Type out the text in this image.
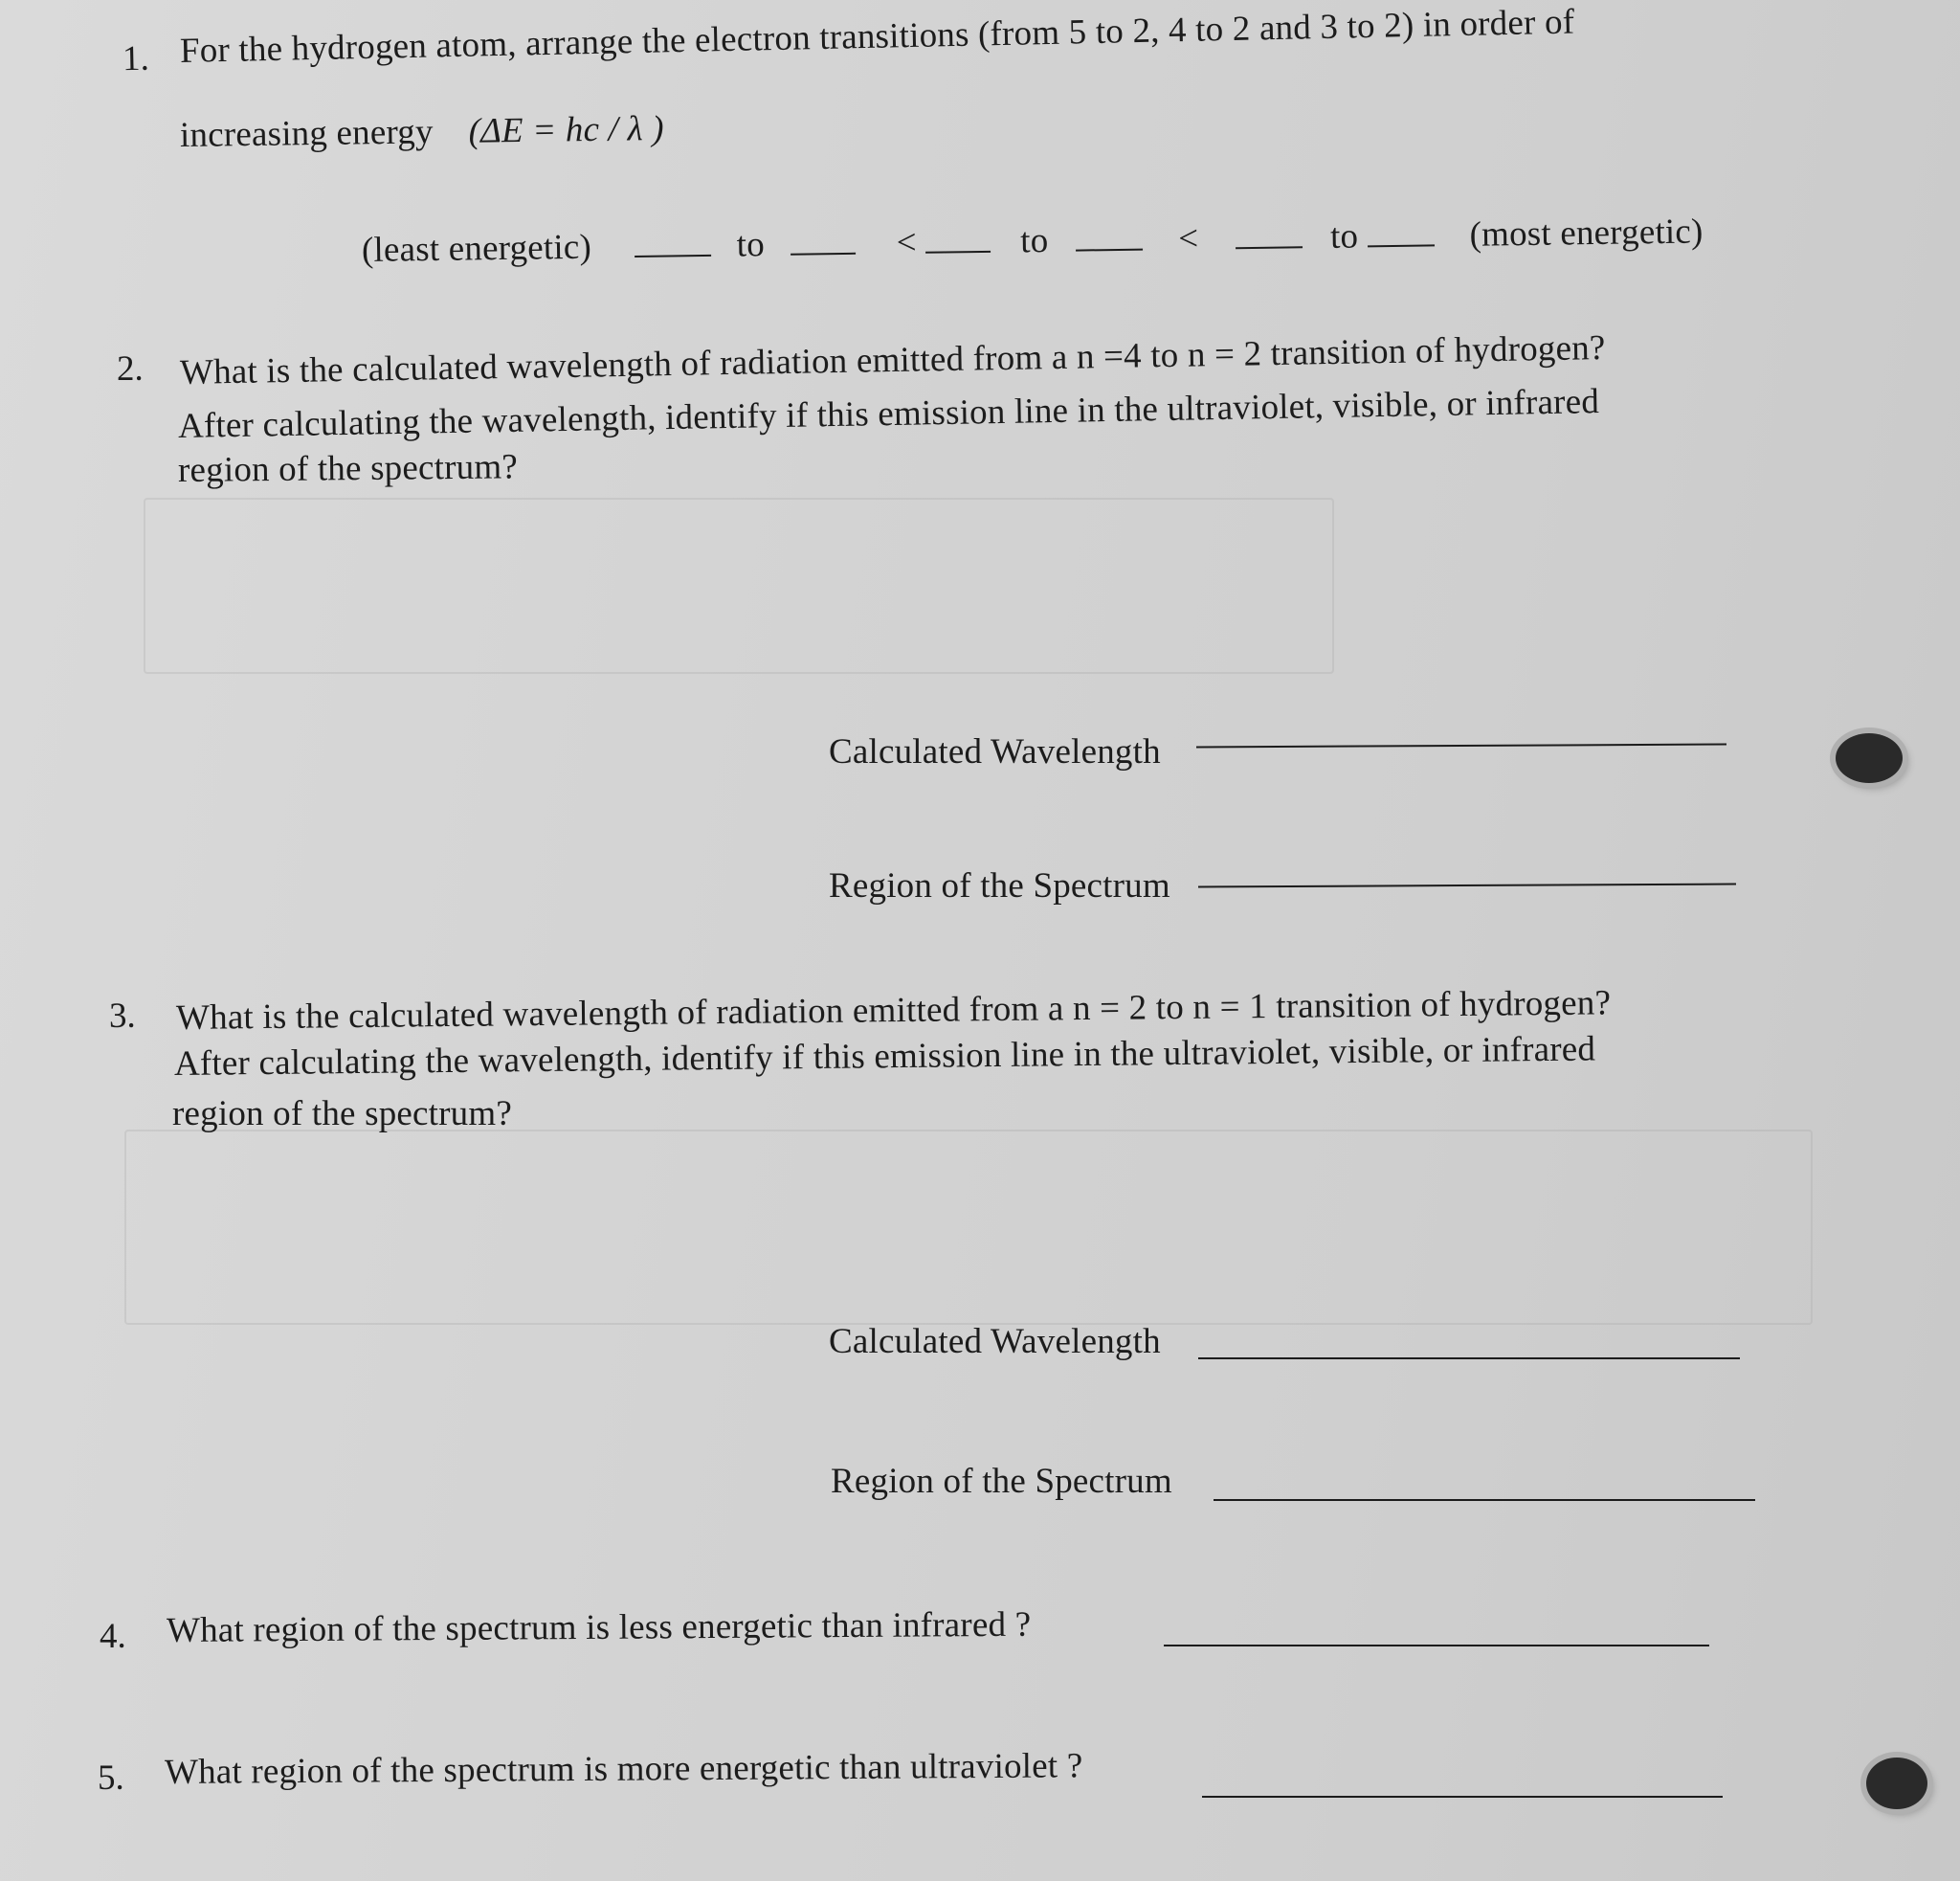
1. For the hydrogen atom, arrange the electron transitions (from 5 to 2, 4 to 2 and 3 to 2) in order of
increasing energy (ΔE = hc / λ )
(least energetic)	to	<	to	<	to	(most energetic)
2. What is the calculated wavelength of radiation emitted from a n =4 to n = 2 transition of hydrogen?
After calculating the wavelength, identify if this emission line in the ultraviolet, visible, or infrared
region of the spectrum?
Calculated Wavelength
Region of the Spectrum
3. What is the calculated wavelength of radiation emitted from a n = 2 to n = 1 transition of hydrogen?
After calculating the wavelength, identify if this emission line in the ultraviolet, visible, or infrared
region of the spectrum?
Calculated Wavelength
Region of the Spectrum
4. What region of the spectrum is less energetic than infrared ?
5. What region of the spectrum is more energetic than ultraviolet ?
